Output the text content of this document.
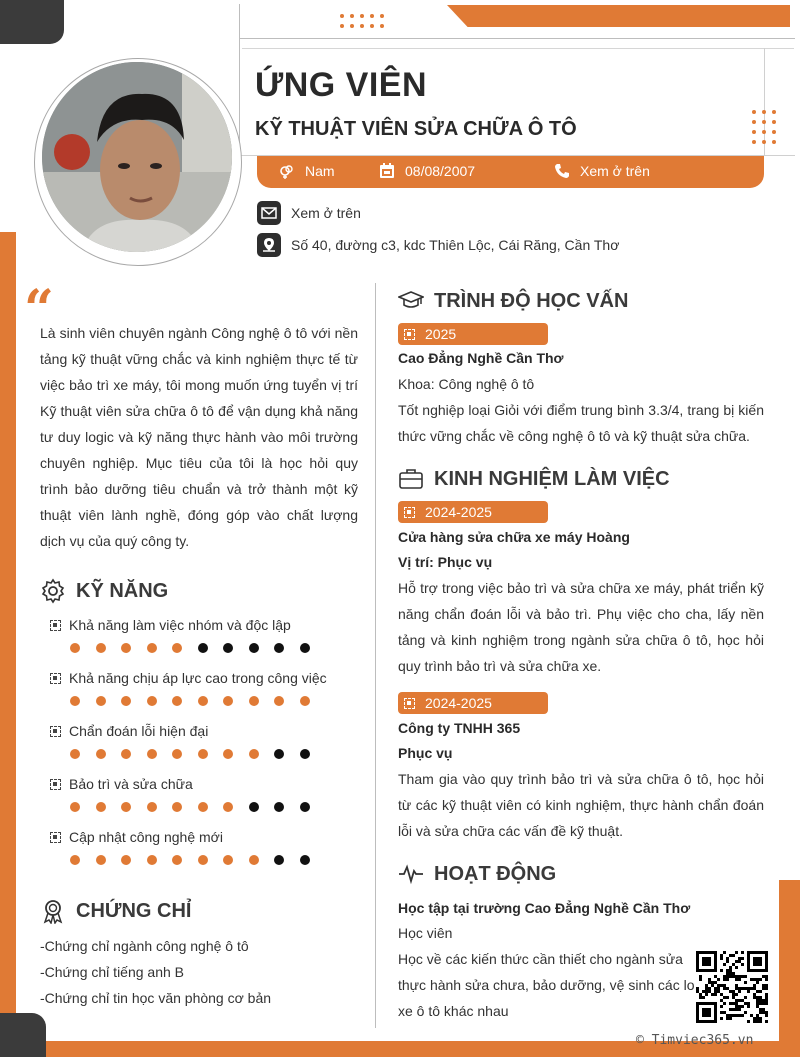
ỨNG VIÊN
KỸ THUẬT VIÊN SỬA CHỮA Ô TÔ
Nam	08/08/2007	Xem ở trên
Xem ở trên
Số 40, đường c3, kdc Thiên Lộc, Cái Răng, Cần Thơ
“
Là sinh viên chuyên ngành Công nghệ ô tô với nền tảng kỹ thuật vững chắc và kinh nghiệm thực tế từ việc bảo trì xe máy, tôi mong muốn ứng tuyển vị trí Kỹ thuật viên sửa chữa ô tô để vận dụng khả năng tư duy logic và kỹ năng thực hành vào môi trường chuyên nghiệp. Mục tiêu của tôi là học hỏi quy trình bảo dưỡng tiêu chuẩn và trở thành một kỹ thuật viên lành nghề, đóng góp vào chất lượng dịch vụ của quý công ty.
KỸ NĂNG
Khả năng làm việc nhóm và độc lập
Khả năng chịu áp lực cao trong công việc
Chẩn đoán lỗi hiện đại
Bảo trì và sửa chữa
Cập nhật công nghệ mới
CHỨNG CHỈ
-Chứng chỉ ngành công nghệ ô tô
-Chứng chỉ tiếng anh B
-Chứng chỉ tin học văn phòng cơ bản
TRÌNH ĐỘ HỌC VẤN
2025
Cao Đẳng Nghề Cần Thơ
Khoa: Công nghệ ô tô
Tốt nghiệp loại Giỏi với điểm trung bình 3.3/4, trang bị kiến thức vững chắc về công nghệ ô tô và kỹ thuật sửa chữa.
KINH NGHIỆM LÀM VIỆC
2024-2025
Cửa hàng sửa chữa xe máy Hoàng
Vị trí: Phục vụ
Hỗ trợ trong việc bảo trì và sửa chữa xe máy, phát triển kỹ năng chẩn đoán lỗi và bảo trì. Phụ việc cho cha, lấy nền tảng và kinh nghiệm trong ngành sửa chữa ô tô, học hỏi quy trình bảo trì và sửa chữa xe.
2024-2025
Công ty TNHH 365
Phục vụ
Tham gia vào quy trình bảo trì và sửa chữa ô tô, học hỏi từ các kỹ thuật viên có kinh nghiệm, thực hành chẩn đoán lỗi và sửa chữa các vấn đề kỹ thuật.
HOẠT ĐỘNG
Học tập tại trường Cao Đẳng Nghề Cần Thơ
Học viên
Học về các kiến thức cần thiết cho ngành sửa
thực hành sửa chưa, bảo dưỡng, vệ sinh các lo
xe ô tô khác nhau
© Timviec365.vn
